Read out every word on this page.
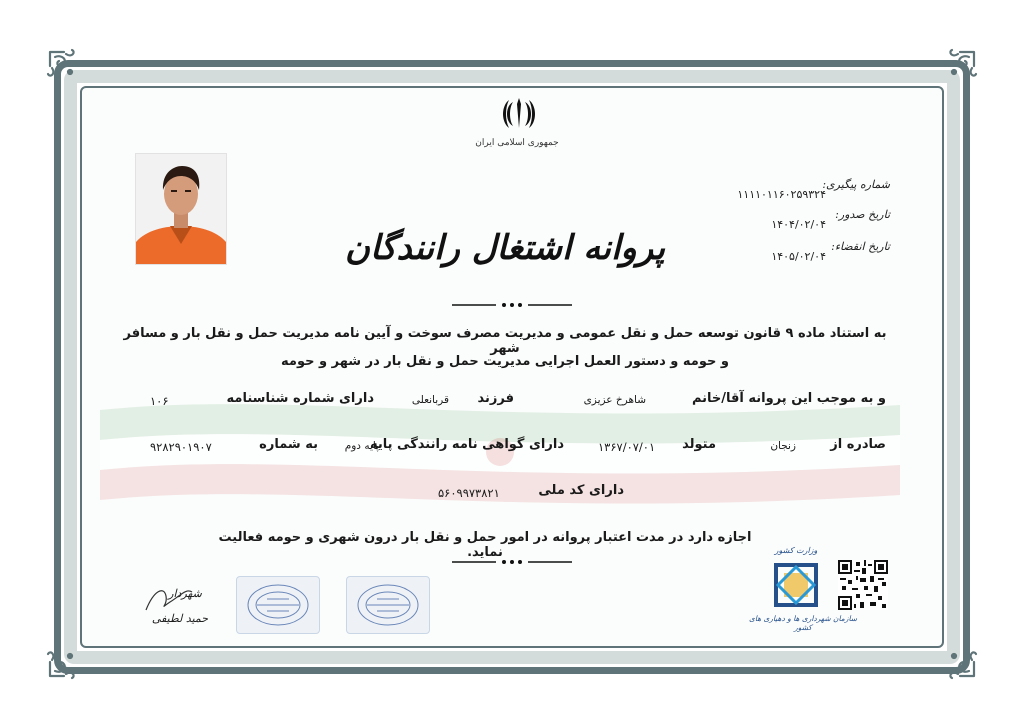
جمهوری اسلامی ایران
شماره پیگیری:
۱۱۱۱۰۱۱۶۰۲۵۹۳۲۴
تاریخ صدور:
۱۴۰۴/۰۲/۰۴
تاریخ انقضاء:
۱۴۰۵/۰۲/۰۴
پروانه اشتغال رانندگان
به استناد ماده ۹ قانون توسعه حمل و نقل عمومی و مدیریت مصرف سوخت و آیین نامه مدیریت حمل و نقل بار و مسافر شهر
و حومه و دستور العمل اجرایی مدیریت حمل و نقل بار در شهر و حومه
و به موجب این پروانه آقا/خانم
شاهرخ عزیزی
فرزند
قربانعلی
دارای شماره شناسنامه
۱۰۶
صادره از
زنجان
متولد
۱۳۶۷/۰۷/۰۱
دارای گواهی نامه رانندگی پایه
پایه دوم
به شماره
۹۲۸۲۹۰۱۹۰۷
دارای کد ملی
۵۶۰۹۹۷۳۸۲۱
اجازه دارد در مدت اعتبار پروانه در امور حمل و نقل بار درون شهری و حومه فعالیت نماید.
شهردار
حمید لطیفی
وزارت کشور
سازمان شهرداری ها و دهیاری های کشور
